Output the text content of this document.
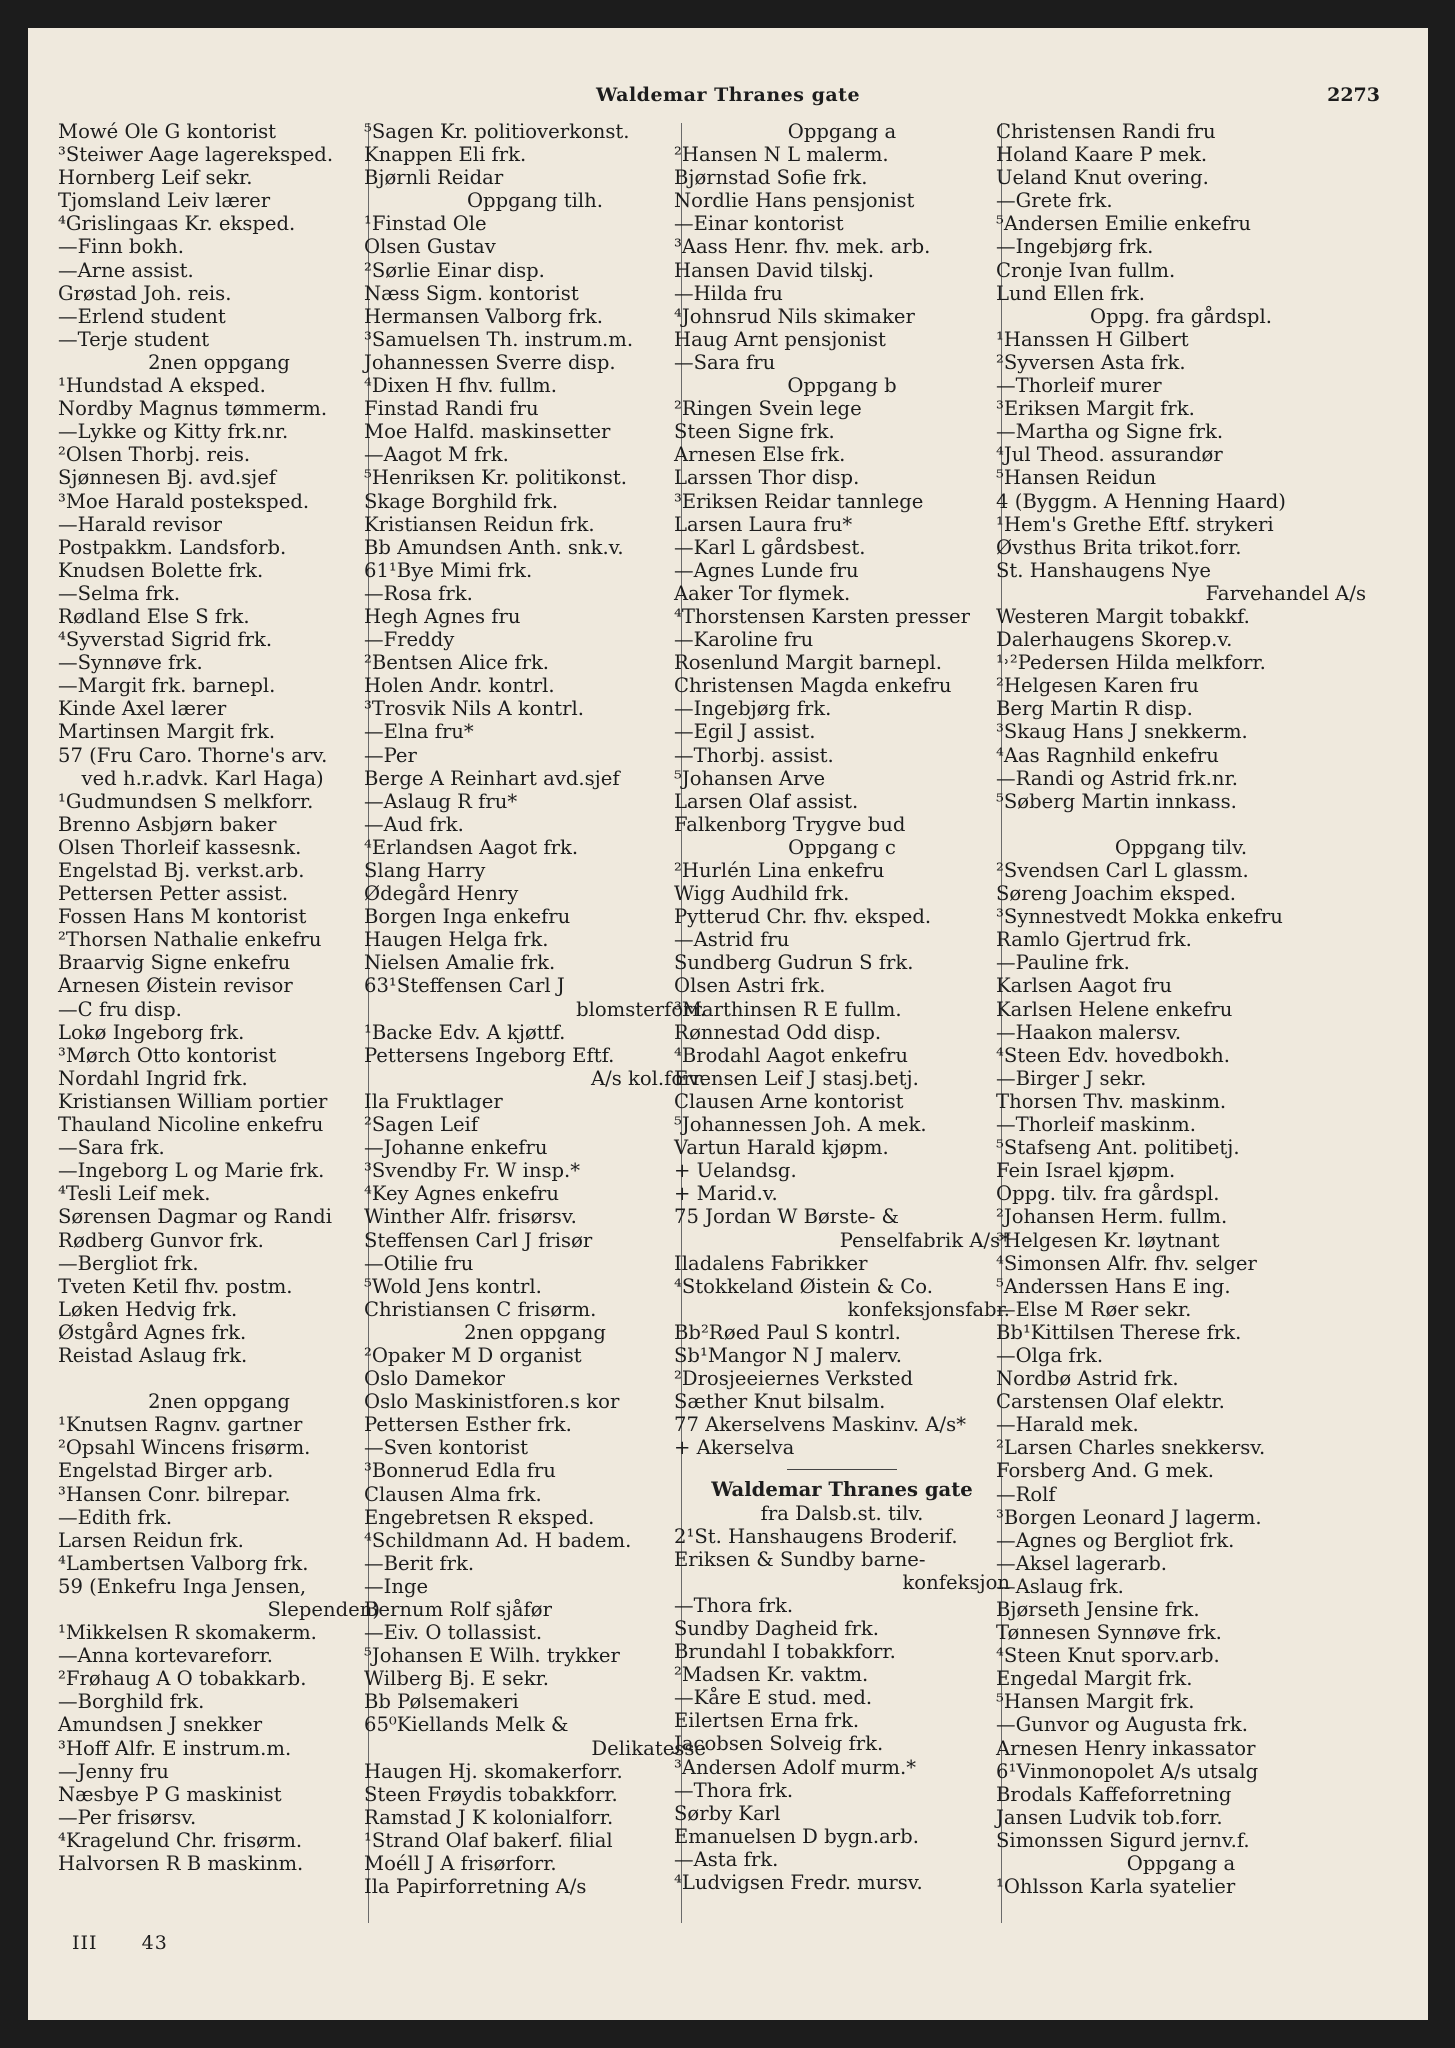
Waldemar Thranes gate	2273
Mowé Ole G kontorist
³Steiwer Aage lagereksped.
Hornberg Leif sekr.
Tjomsland Leiv lærer
⁴Grislingaas Kr. eksped.
—Finn bokh.
—Arne assist.
Grøstad Joh. reis.
—Erlend student
—Terje student
2nen oppgang
¹Hundstad A eksped.
Nordby Magnus tømmerm.
—Lykke og Kitty frk.nr.
²Olsen Thorbj. reis.
Sjønnesen Bj. avd.sjef
³Moe Harald posteksped.
—Harald revisor
Postpakkm. Landsforb.
Knudsen Bolette frk.
—Selma frk.
Rødland Else S frk.
⁴Syverstad Sigrid frk.
—Synnøve frk.
—Margit frk. barnepl.
Kinde Axel lærer
Martinsen Margit frk.
57 (Fru Caro. Thorne's arv.
ved h.r.advk. Karl Haga)
¹Gudmundsen S melkforr.
Brenno Asbjørn baker
Olsen Thorleif kassesnk.
Engelstad Bj. verkst.arb.
Pettersen Petter assist.
Fossen Hans M kontorist
²Thorsen Nathalie enkefru
Braarvig Signe enkefru
Arnesen Øistein revisor
—C fru disp.
Lokø Ingeborg frk.
³Mørch Otto kontorist
Nordahl Ingrid frk.
Kristiansen William portier
Thauland Nicoline enkefru
—Sara frk.
—Ingeborg L og Marie frk.
⁴Tesli Leif mek.
Sørensen Dagmar og Randi
Rødberg Gunvor frk.
—Bergliot frk.
Tveten Ketil fhv. postm.
Løken Hedvig frk.
Østgård Agnes frk.
Reistad Aslaug frk.
2nen oppgang
¹Knutsen Ragnv. gartner
²Opsahl Wincens frisørm.
Engelstad Birger arb.
³Hansen Conr. bilrepar.
—Edith frk.
Larsen Reidun frk.
⁴Lambertsen Valborg frk.
59 (Enkefru Inga Jensen,
Slependen)
¹Mikkelsen R skomakerm.
—Anna kortevareforr.
²Frøhaug A O tobakkarb.
—Borghild frk.
Amundsen J snekker
³Hoff Alfr. E instrum.m.
—Jenny fru
Næsbye P G maskinist
—Per frisørsv.
⁴Kragelund Chr. frisørm.
Halvorsen R B maskinm.
⁵Sagen Kr. politioverkonst.
Knappen Eli frk.
Bjørnli Reidar
Oppgang tilh.
¹Finstad Ole
Olsen Gustav
²Sørlie Einar disp.
Næss Sigm. kontorist
Hermansen Valborg frk.
³Samuelsen Th. instrum.m.
Johannessen Sverre disp.
⁴Dixen H fhv. fullm.
Finstad Randi fru
Moe Halfd. maskinsetter
—Aagot M frk.
⁵Henriksen Kr. politikonst.
Skage Borghild frk.
Kristiansen Reidun frk.
Bb Amundsen Anth. snk.v.
61¹Bye Mimi frk.
—Rosa frk.
Hegh Agnes fru
—Freddy
²Bentsen Alice frk.
Holen Andr. kontrl.
³Trosvik Nils A kontrl.
—Elna fru*
—Per
Berge A Reinhart avd.sjef
—Aslaug R fru*
—Aud frk.
⁴Erlandsen Aagot frk.
Slang Harry
Ødegård Henry
Borgen Inga enkefru
Haugen Helga frk.
Nielsen Amalie frk.
63¹Steffensen Carl J
blomsterforr.
¹Backe Edv. A kjøttf.
Pettersens Ingeborg Eftf.
A/s kol.forr.
Ila Fruktlager
²Sagen Leif
—Johanne enkefru
³Svendby Fr. W insp.*
⁴Key Agnes enkefru
Winther Alfr. frisørsv.
Steffensen Carl J frisør
—Otilie fru
⁵Wold Jens kontrl.
Christiansen C frisørm.
2nen oppgang
²Opaker M D organist
Oslo Damekor
Oslo Maskinistforen.s kor
Pettersen Esther frk.
—Sven kontorist
³Bonnerud Edla fru
Clausen Alma frk.
Engebretsen R eksped.
⁴Schildmann Ad. H badem.
—Berit frk.
—Inge
Bernum Rolf sjåfør
—Eiv. O tollassist.
⁵Johansen E Wilh. trykker
Wilberg Bj. E sekr.
Bb Pølsemakeri
65⁰Kiellands Melk &
Delikatesse
Haugen Hj. skomakerforr.
Steen Frøydis tobakkforr.
Ramstad J K kolonialforr.
¹Strand Olaf bakerf. filial
Moéll J A frisørforr.
Ila Papirforretning A/s
Oppgang a
²Hansen N L malerm.
Bjørnstad Sofie frk.
Nordlie Hans pensjonist
—Einar kontorist
³Aass Henr. fhv. mek. arb.
Hansen David tilskj.
—Hilda fru
⁴Johnsrud Nils skimaker
Haug Arnt pensjonist
—Sara fru
Oppgang b
²Ringen Svein lege
Steen Signe frk.
Arnesen Else frk.
Larssen Thor disp.
³Eriksen Reidar tannlege
Larsen Laura fru*
—Karl L gårdsbest.
—Agnes Lunde fru
Aaker Tor flymek.
⁴Thorstensen Karsten presser
—Karoline fru
Rosenlund Margit barnepl.
Christensen Magda enkefru
—Ingebjørg frk.
—Egil J assist.
—Thorbj. assist.
⁵Johansen Arve
Larsen Olaf assist.
Falkenborg Trygve bud
Oppgang c
²Hurlén Lina enkefru
Wigg Audhild frk.
Pytterud Chr. fhv. eksped.
—Astrid fru
Sundberg Gudrun S frk.
Olsen Astri frk.
³Marthinsen R E fullm.
Rønnestad Odd disp.
⁴Brodahl Aagot enkefru
Evensen Leif J stasj.betj.
Clausen Arne kontorist
⁵Johannessen Joh. A mek.
Vartun Harald kjøpm.
+ Uelandsg.
+ Marid.v.
75 Jordan W Børste- &
Penselfabrik A/s*
Iladalens Fabrikker
⁴Stokkeland Øistein & Co.
konfeksjonsfabr.
Bb²Røed Paul S kontrl.
Sb¹Mangor N J malerv.
²Drosjeeiernes Verksted
Sæther Knut bilsalm.
77 Akerselvens Maskinv. A/s*
+ Akerselva
Waldemar Thranes gate
fra Dalsb.st. tilv.
2¹St. Hanshaugens Broderif.
Eriksen & Sundby barne-
konfeksjon
—Thora frk.
Sundby Dagheid frk.
Brundahl I tobakkforr.
²Madsen Kr. vaktm.
—Kåre E stud. med.
Eilertsen Erna frk.
Jacobsen Solveig frk.
³Andersen Adolf murm.*
—Thora frk.
Sørby Karl
Emanuelsen D bygn.arb.
—Asta frk.
⁴Ludvigsen Fredr. mursv.
Christensen Randi fru
Holand Kaare P mek.
Ueland Knut overing.
—Grete frk.
⁵Andersen Emilie enkefru
—Ingebjørg frk.
Cronje Ivan fullm.
Lund Ellen frk.
Oppg. fra gårdspl.
¹Hanssen H Gilbert
²Syversen Asta frk.
—Thorleif murer
³Eriksen Margit frk.
—Martha og Signe frk.
⁴Jul Theod. assurandør
⁵Hansen Reidun
4 (Byggm. A Henning Haard)
¹Hem's Grethe Eftf. strykeri
Øvsthus Brita trikot.forr.
St. Hanshaugens Nye
Farvehandel A/s
Westeren Margit tobakkf.
Dalerhaugens Skorep.v.
¹˒²Pedersen Hilda melkforr.
²Helgesen Karen fru
Berg Martin R disp.
³Skaug Hans J snekkerm.
⁴Aas Ragnhild enkefru
—Randi og Astrid frk.nr.
⁵Søberg Martin innkass.
Oppgang tilv.
²Svendsen Carl L glassm.
Søreng Joachim eksped.
³Synnestvedt Mokka enkefru
Ramlo Gjertrud frk.
—Pauline frk.
Karlsen Aagot fru
Karlsen Helene enkefru
—Haakon malersv.
⁴Steen Edv. hovedbokh.
—Birger J sekr.
Thorsen Thv. maskinm.
—Thorleif maskinm.
⁵Stafseng Ant. politibetj.
Fein Israel kjøpm.
Oppg. tilv. fra gårdspl.
²Johansen Herm. fullm.
³Helgesen Kr. løytnant
⁴Simonsen Alfr. fhv. selger
⁵Anderssen Hans E ing.
—Else M Røer sekr.
Bb¹Kittilsen Therese frk.
—Olga frk.
Nordbø Astrid frk.
Carstensen Olaf elektr.
—Harald mek.
²Larsen Charles snekkersv.
Forsberg And. G mek.
—Rolf
³Borgen Leonard J lagerm.
—Agnes og Bergliot frk.
—Aksel lagerarb.
—Aslaug frk.
Bjørseth Jensine frk.
Tønnesen Synnøve frk.
⁴Steen Knut sporv.arb.
Engedal Margit frk.
⁵Hansen Margit frk.
—Gunvor og Augusta frk.
Arnesen Henry inkassator
6¹Vinmonopolet A/s utsalg
Brodals Kaffeforretning
Jansen Ludvik tob.forr.
Simonssen Sigurd jernv.f.
Oppgang a
¹Ohlsson Karla syatelier
III 43
